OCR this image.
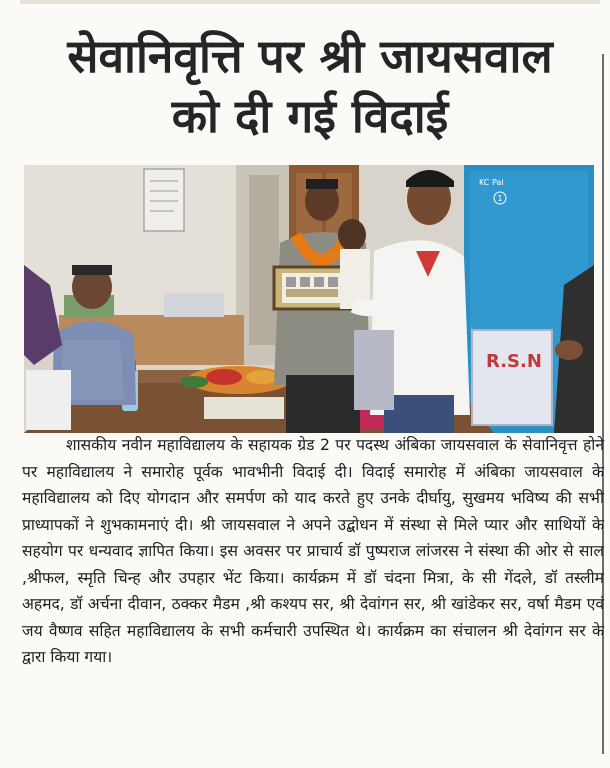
सेवानिवृत्ति पर श्री जायसवाल
को दी गई विदाई
KC Pal
1
R.S.N

शासकीय नवीन महाविद्यालय के सहायक ग्रेड 2 पर पदस्थ अंबिका जायसवाल के सेवानिवृत्त होने पर महाविद्यालय ने समारोह पूर्वक भावभीनी विदाई दी। विदाई समारोह में अंबिका जायसवाल के महाविद्यालय को दिए योगदान और समर्पण को याद करते हुए उनके दीर्घायु, सुखमय भविष्य की सभी प्राध्यापकों ने शुभकामनाएं दी। श्री जायसवाल ने अपने उद्बोधन में संस्था से मिले प्यार और साथियों के सहयोग पर धन्यवाद ज्ञापित किया। इस अवसर पर प्राचार्य डॉ पुष्पराज लांजरस ने संस्था की ओर से साल ,श्रीफल, स्मृति चिन्ह और उपहार भेंट किया। कार्यक्रम में डॉ चंदना मित्रा, के सी गेंदले, डॉ तस्लीम अहमद, डॉ अर्चना दीवान, ठक्कर मैडम ,श्री कश्यप सर, श्री देवांगन सर, श्री खांडेकर सर, वर्षा मैडम एवं जय वैष्णव सहित महाविद्यालय के सभी कर्मचारी उपस्थित थे। कार्यक्रम का संचालन श्री देवांगन सर के द्वारा किया गया।
